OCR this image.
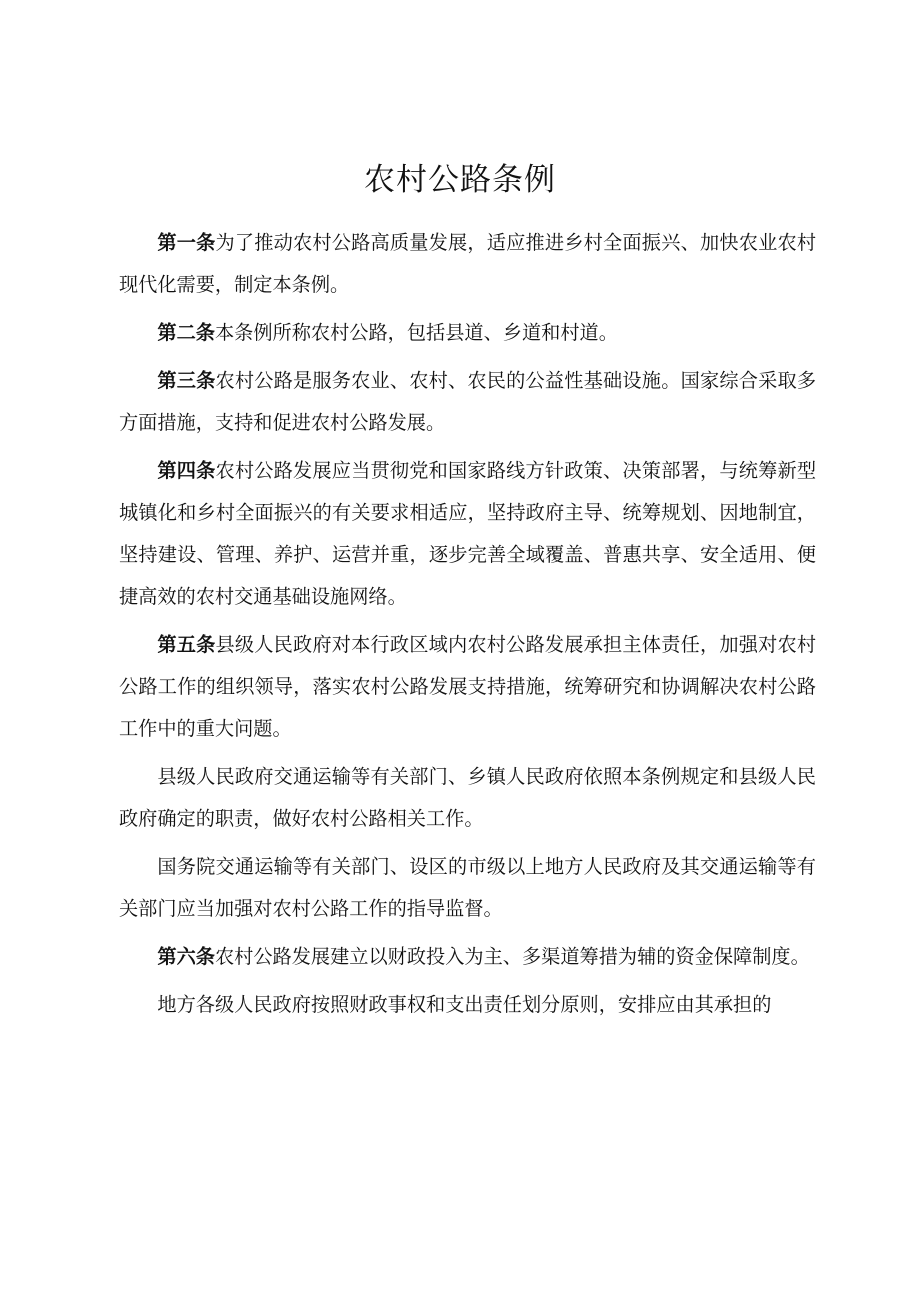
农村公路条例

第一条为了推动农村公路高质量发展，适应推进乡村全面振兴、加快农业农村现代化需要，制定本条例。

第二条本条例所称农村公路，包括县道、乡道和村道。

第三条农村公路是服务农业、农村、农民的公益性基础设施。国家综合采取多方面措施，支持和促进农村公路发展。

第四条农村公路发展应当贯彻党和国家路线方针政策、决策部署，与统筹新型城镇化和乡村全面振兴的有关要求相适应，坚持政府主导、统筹规划、因地制宜，坚持建设、管理、养护、运营并重，逐步完善全域覆盖、普惠共享、安全适用、便捷高效的农村交通基础设施网络。

第五条县级人民政府对本行政区域内农村公路发展承担主体责任，加强对农村公路工作的组织领导，落实农村公路发展支持措施，统筹研究和协调解决农村公路工作中的重大问题。

县级人民政府交通运输等有关部门、乡镇人民政府依照本条例规定和县级人民政府确定的职责，做好农村公路相关工作。

国务院交通运输等有关部门、设区的市级以上地方人民政府及其交通运输等有关部门应当加强对农村公路工作的指导监督。

第六条农村公路发展建立以财政投入为主、多渠道筹措为辅的资金保障制度。

地方各级人民政府按照财政事权和支出责任划分原则，安排应由其承担的
